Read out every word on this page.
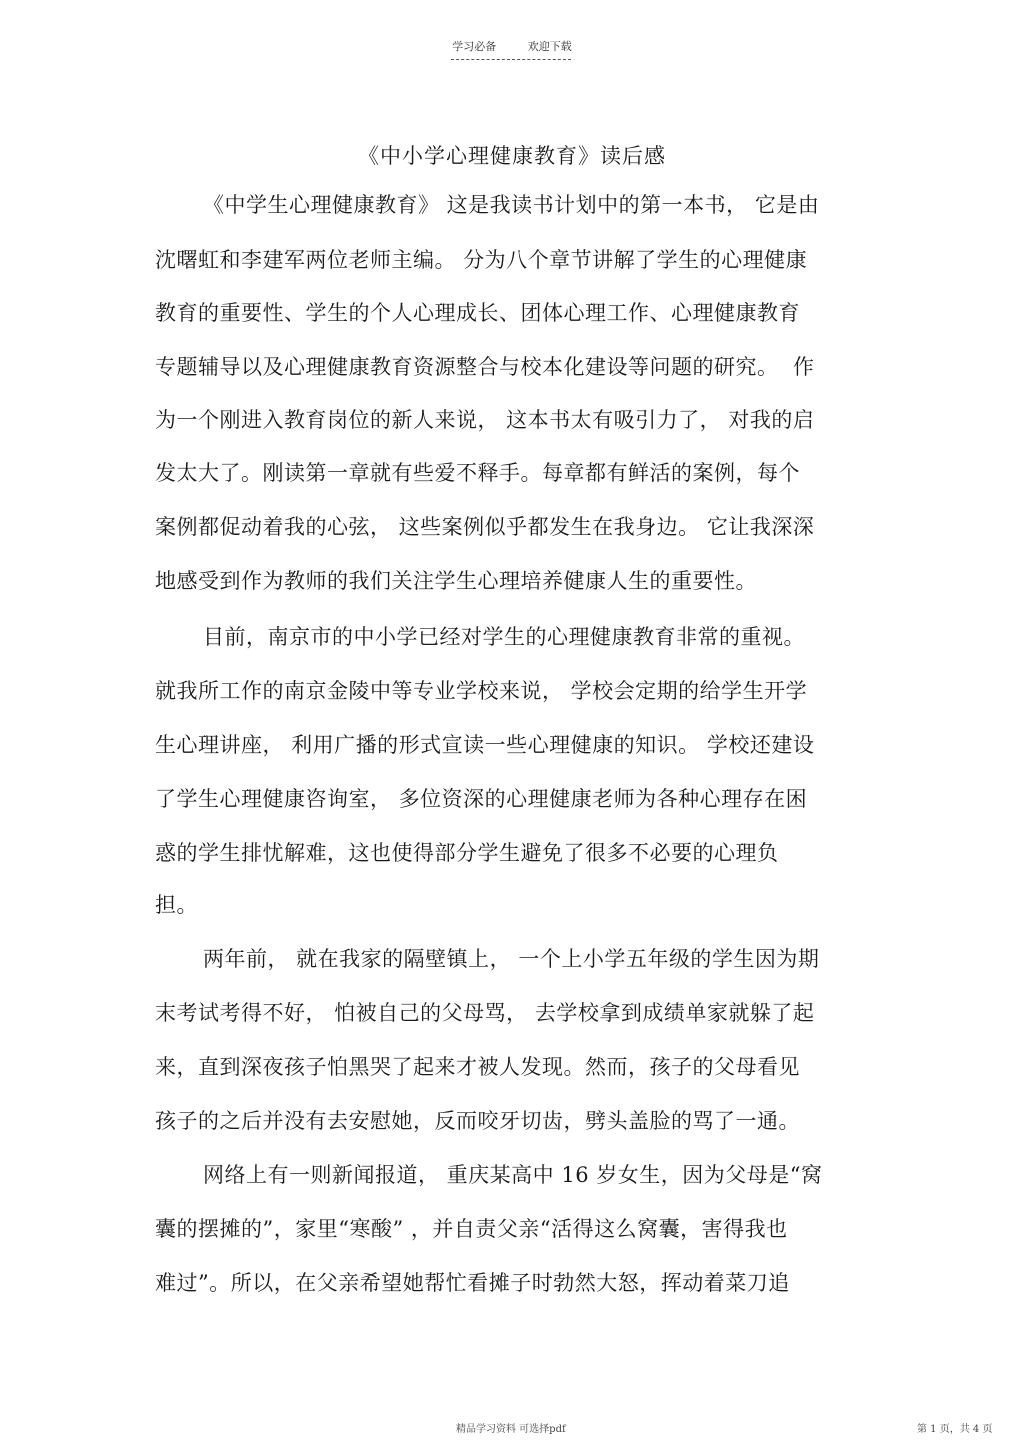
学习必备	欢迎下载
《中小学心理健康教育》读后感
《中学生心理健康教育》 这是我读书计划中的第一本书， 它是由
沈曙虹和李建军两位老师主编。 分为八个章节讲解了学生的心理健康
教育的重要性、学生的个人心理成长、团体心理工作、心理健康教育
专题辅导以及心理健康教育资源整合与校本化建设等问题的研究。  作
为一个刚进入教育岗位的新人来说， 这本书太有吸引力了， 对我的启
发太大了。刚读第一章就有些爱不释手。每章都有鲜活的案例，每个
案例都促动着我的心弦， 这些案例似乎都发生在我身边。 它让我深深
地感受到作为教师的我们关注学生心理培养健康人生的重要性。
目前，南京市的中小学已经对学生的心理健康教育非常的重视。
就我所工作的南京金陵中等专业学校来说， 学校会定期的给学生开学
生心理讲座， 利用广播的形式宣读一些心理健康的知识。 学校还建设
了学生心理健康咨询室， 多位资深的心理健康老师为各种心理存在困
惑的学生排忧解难，这也使得部分学生避免了很多不必要的心理负
担。
两年前， 就在我家的隔壁镇上， 一个上小学五年级的学生因为期
末考试考得不好， 怕被自己的父母骂， 去学校拿到成绩单家就躲了起
来，直到深夜孩子怕黑哭了起来才被人发现。然而，孩子的父母看见
孩子的之后并没有去安慰她，反而咬牙切齿，劈头盖脸的骂了一通。
网络上有一则新闻报道， 重庆某高中 16 岁女生，因为父母是“窝
囊的摆摊的”，家里“寒酸” ，并自责父亲“活得这么窝囊，害得我也
难过”。所以，在父亲希望她帮忙看摊子时勃然大怒，挥动着菜刀追
精品学习资料 可选择pdf	第 1 页，共 4 页
